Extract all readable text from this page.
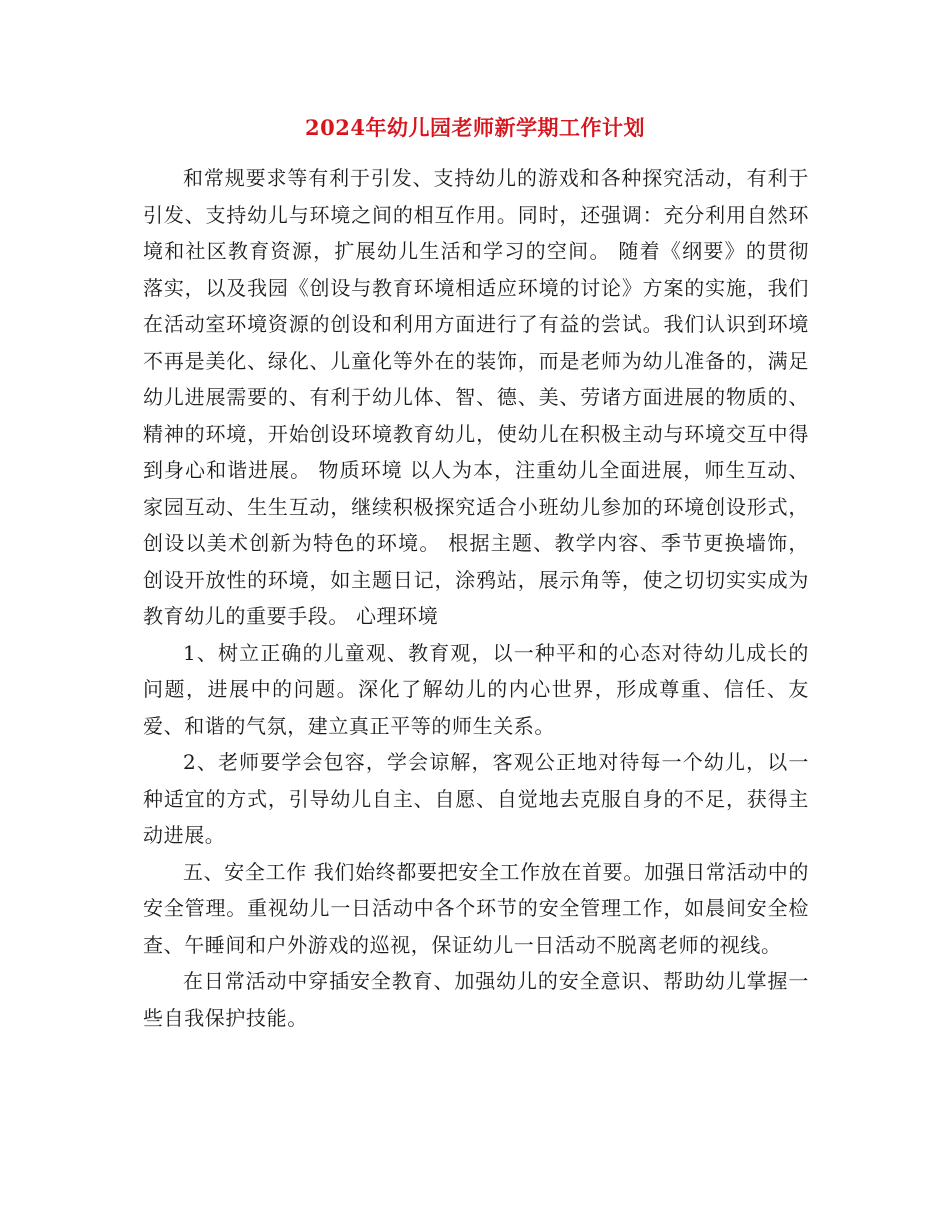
2024年幼儿园老师新学期工作计划

和常规要求等有利于引发、支持幼儿的游戏和各种探究活动，有利于引发、支持幼儿与环境之间的相互作用。同时，还强调：充分利用自然环境和社区教育资源，扩展幼儿生活和学习的空间。 随着《纲要》的贯彻落实，以及我园《创设与教育环境相适应环境的讨论》方案的实施，我们在活动室环境资源的创设和利用方面进行了有益的尝试。我们认识到环境不再是美化、绿化、儿童化等外在的装饰，而是老师为幼儿准备的，满足幼儿进展需要的、有利于幼儿体、智、德、美、劳诸方面进展的物质的、精神的环境，开始创设环境教育幼儿，使幼儿在积极主动与环境交互中得到身心和谐进展。 物质环境 以人为本，注重幼儿全面进展，师生互动、家园互动、生生互动，继续积极探究适合小班幼儿参加的环境创设形式，创设以美术创新为特色的环境。 根据主题、教学内容、季节更换墙饰，创设开放性的环境，如主题日记，涂鸦站，展示角等，使之切切实实成为教育幼儿的重要手段。 心理环境

1、树立正确的儿童观、教育观，以一种平和的心态对待幼儿成长的问题，进展中的问题。深化了解幼儿的内心世界，形成尊重、信任、友爱、和谐的气氛，建立真正平等的师生关系。

2、老师要学会包容，学会谅解，客观公正地对待每一个幼儿，以一种适宜的方式，引导幼儿自主、自愿、自觉地去克服自身的不足，获得主动进展。

五、安全工作 我们始终都要把安全工作放在首要。加强日常活动中的安全管理。重视幼儿一日活动中各个环节的安全管理工作，如晨间安全检查、午睡间和户外游戏的巡视，保证幼儿一日活动不脱离老师的视线。

在日常活动中穿插安全教育、加强幼儿的安全意识、帮助幼儿掌握一些自我保护技能。
